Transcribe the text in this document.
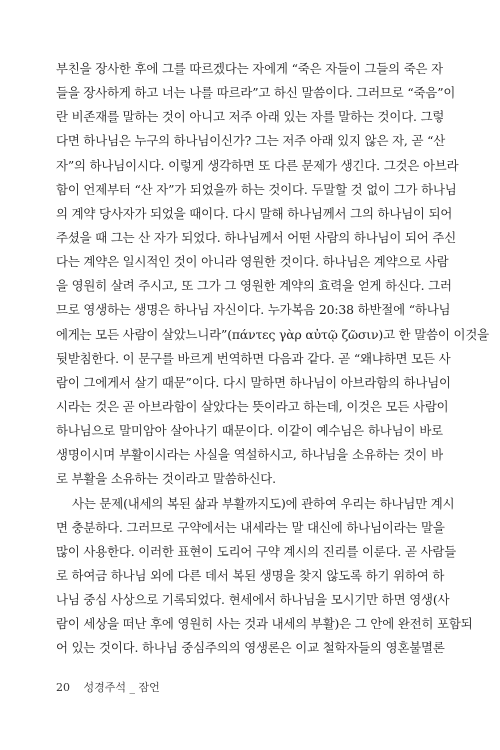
부친을 장사한 후에 그를 따르겠다는 자에게 “죽은 자들이 그들의 죽은 자
들을 장사하게 하고 너는 나를 따르라”고 하신 말씀이다. 그러므로 “죽음”이
란 비존재를 말하는 것이 아니고 저주 아래 있는 자를 말하는 것이다. 그렇
다면 하나님은 누구의 하나님이신가? 그는 저주 아래 있지 않은 자, 곧 “산
자”의 하나님이시다. 이렇게 생각하면 또 다른 문제가 생긴다. 그것은 아브라
함이 언제부터 “산 자”가 되었을까 하는 것이다. 두말할 것 없이 그가 하나님
의 계약 당사자가 되었을 때이다. 다시 말해 하나님께서 그의 하나님이 되어
주셨을 때 그는 산 자가 되었다. 하나님께서 어떤 사람의 하나님이 되어 주신
다는 계약은 일시적인 것이 아니라 영원한 것이다. 하나님은 계약으로 사람
을 영원히 살려 주시고, 또 그가 그 영원한 계약의 효력을 얻게 하신다. 그러
므로 영생하는 생명은 하나님 자신이다. 누가복음 20:38 하반절에 “하나님
에게는 모든 사람이 살았느니라”(πάντες γὰρ αὐτῷ ζῶσιν)고 한 말씀이 이것을
뒷받침한다. 이 문구를 바르게 번역하면 다음과 같다. 곧 “왜냐하면 모든 사
람이 그에게서 살기 때문”이다. 다시 말하면 하나님이 아브라함의 하나님이
시라는 것은 곧 아브라함이 살았다는 뜻이라고 하는데, 이것은 모든 사람이
하나님으로 말미암아 살아나기 때문이다. 이같이 예수님은 하나님이 바로
생명이시며 부활이시라는 사실을 역설하시고, 하나님을 소유하는 것이 바
로 부활을 소유하는 것이라고 말씀하신다.
사는 문제(내세의 복된 삶과 부활까지도)에 관하여 우리는 하나님만 계시
면 충분하다. 그러므로 구약에서는 내세라는 말 대신에 하나님이라는 말을
많이 사용한다. 이러한 표현이 도리어 구약 계시의 진리를 이룬다. 곧 사람들
로 하여금 하나님 외에 다른 데서 복된 생명을 찾지 않도록 하기 위하여 하
나님 중심 사상으로 기록되었다. 현세에서 하나님을 모시기만 하면 영생(사
람이 세상을 떠난 후에 영원히 사는 것과 내세의 부활)은 그 안에 완전히 포함되
어 있는 것이다. 하나님 중심주의의 영생론은 이교 철학자들의 영혼불멸론
20 성경주석 _ 잠언
